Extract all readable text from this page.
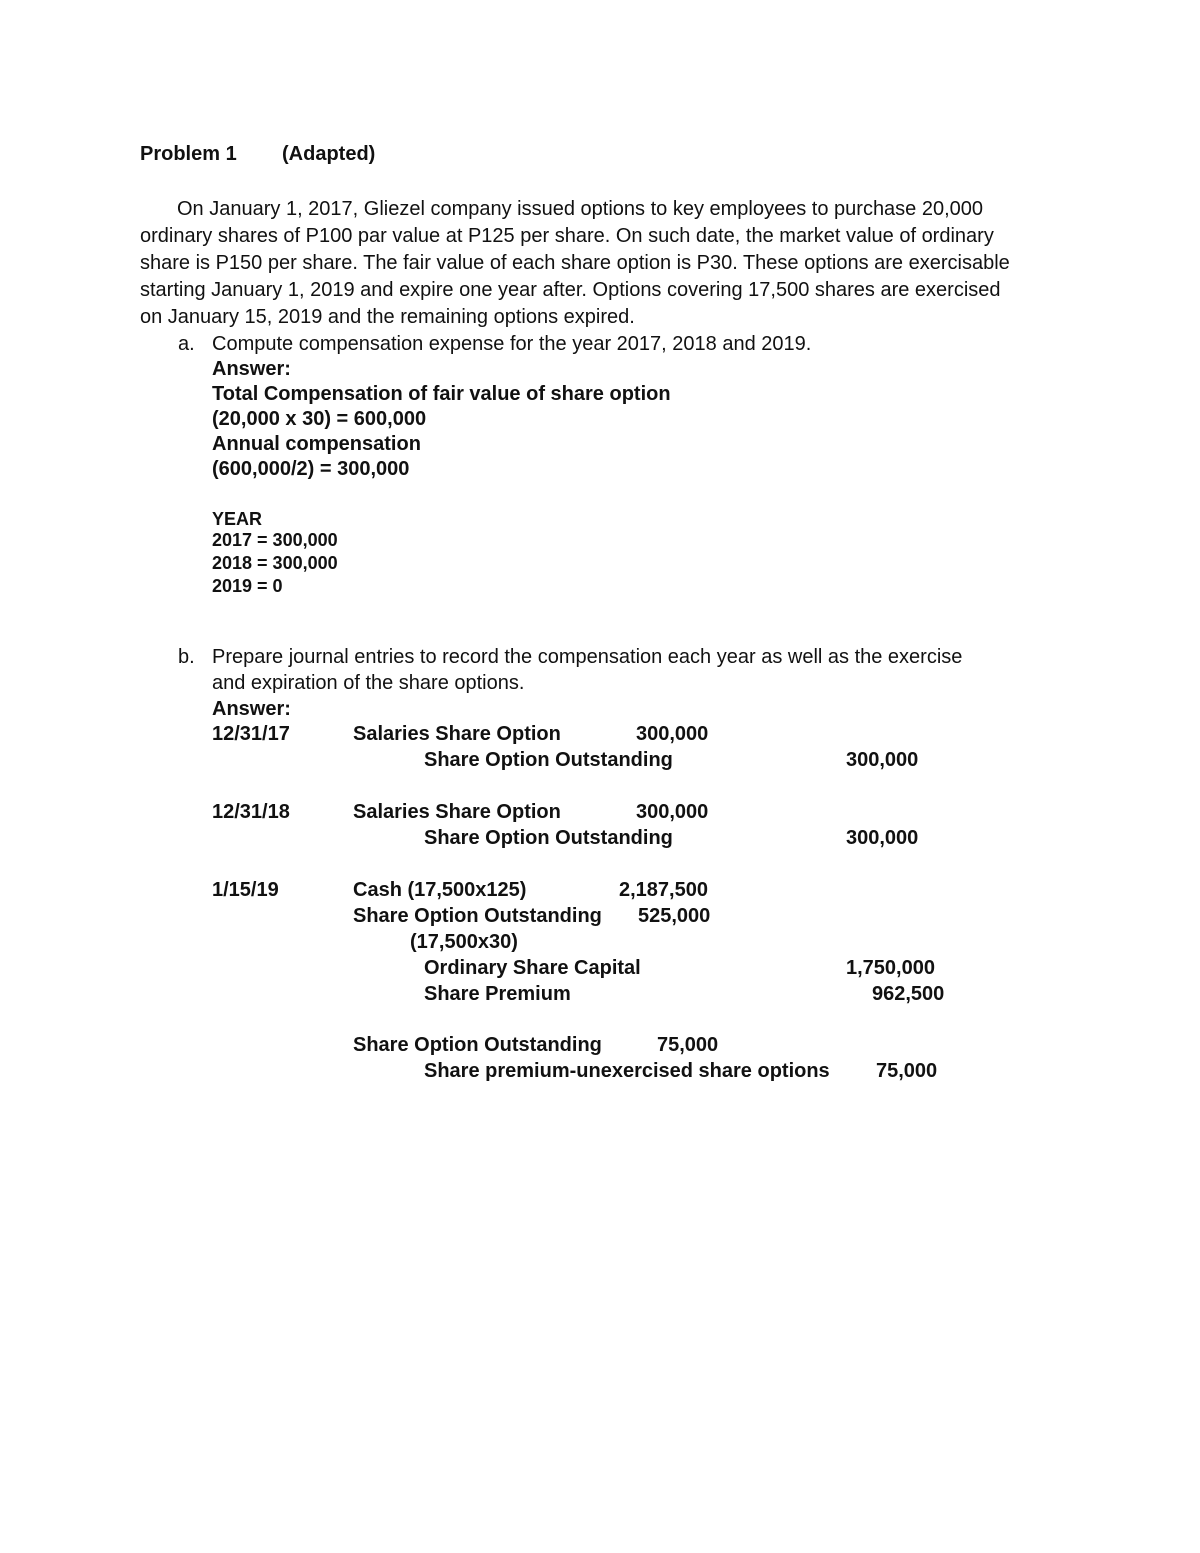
Problem 1 (Adapted)
On January 1, 2017, Gliezel company issued options to key employees to purchase 20,000
ordinary shares of P100 par value at P125 per share. On such date, the market value of ordinary
share is P150 per share. The fair value of each share option is P30. These options are exercisable
starting January 1, 2019 and expire one year after. Options covering 17,500 shares are exercised
on January 15, 2019 and the remaining options expired.
a. Compute compensation expense for the year 2017, 2018 and 2019.
Answer:
Total Compensation of fair value of share option
(20,000 x 30) = 600,000
Annual compensation
(600,000/2) = 300,000
YEAR
2017 = 300,000
2018 = 300,000
2019 = 0
b. Prepare journal entries to record the compensation each year as well as the exercise
and expiration of the share options.
Answer:
12/31/17	Salaries Share Option	300,000
Share Option Outstanding	300,000
12/31/18	Salaries Share Option	300,000
Share Option Outstanding	300,000
1/15/19	Cash (17,500x125)	2,187,500
Share Option Outstanding 525,000
(17,500x30)
Ordinary Share Capital	1,750,000
Share Premium	962,500
Share Option Outstanding	75,000
Share premium-unexercised share options 75,000
